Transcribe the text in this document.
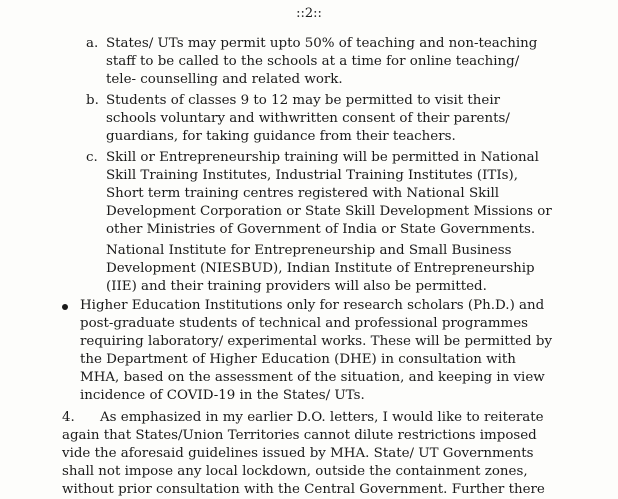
::2::

a. States/ UTs may permit upto 50% of teaching and non-teaching

staff to be called to the schools at a time for online teaching/

tele- counselling and related work.

b. Students of classes 9 to 12 may be permitted to visit their

schools voluntary and withwritten consent of their parents/

guardians, for taking guidance from their teachers.

c. Skill or Entrepreneurship training will be permitted in National

Skill Training Institutes, Industrial Training Institutes (ITIs),

Short term training centres registered with National Skill

Development Corporation or State Skill Development Missions or

other Ministries of Government of India or State Governments.

National Institute for Entrepreneurship and Small Business

Development (NIESBUD), Indian Institute of Entrepreneurship

(IIE) and their training providers will also be permitted.

Higher Education Institutions only for research scholars (Ph.D.) and

post-graduate students of technical and professional programmes

requiring laboratory/ experimental works. These will be permitted by

the Department of Higher Education (DHE) in consultation with

MHA, based on the assessment of the situation, and keeping in view

incidence of COVID-19 in the States/ UTs.

4. As emphasized in my earlier D.O. letters, I would like to reiterate

again that States/Union Territories cannot dilute restrictions imposed

vide the aforesaid guidelines issued by MHA. State/ UT Governments

shall not impose any local lockdown, outside the containment zones,

without prior consultation with the Central Government. Further there
